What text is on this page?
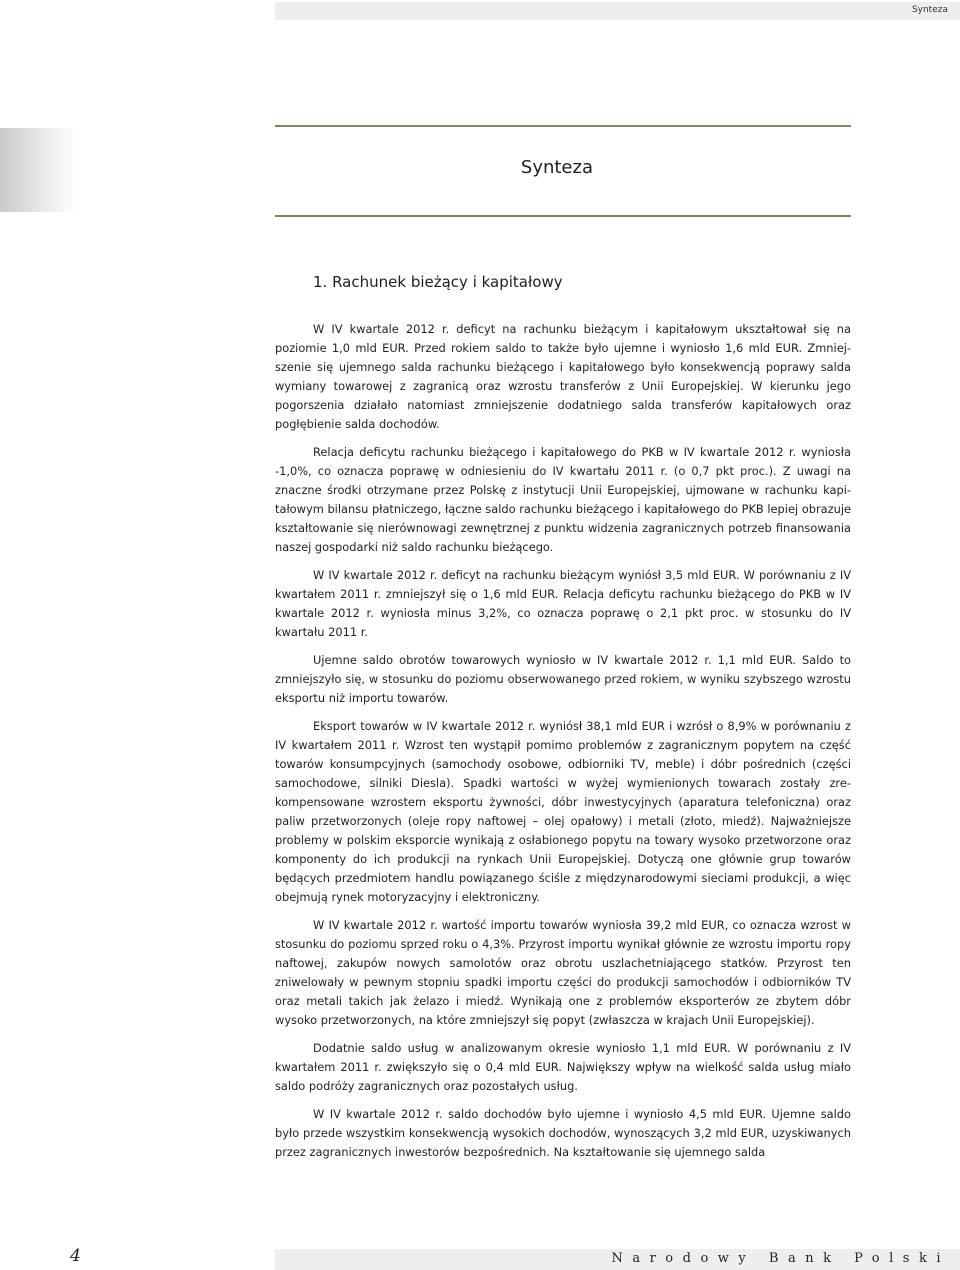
Synteza
Synteza
1. Rachunek bieżący i kapitałowy

W IV kwartale 2012 r. deficyt na rachunku bieżącym i kapitałowym ukształtował się na poziomie 1,0 mld EUR. Przed rokiem saldo to także było ujemne i wyniosło 1,6 mld EUR. Zmniejszenie się ujemnego salda rachunku bieżącego i kapitałowego było konsekwencją poprawy salda wymiany towarowej z zagranicą oraz wzrostu transferów z Unii Europejskiej. W kierunku jego pogorszenia działało natomiast zmniejszenie dodatniego salda transferów kapitałowych oraz pogłębienie salda dochodów.

Relacja deficytu rachunku bieżącego i kapitałowego do PKB w IV kwartale 2012 r. wyniosła -1,0%, co oznacza poprawę w odniesieniu do IV kwartału 2011 r. (o 0,7 pkt proc.). Z uwagi na znaczne środki otrzymane przez Polskę z instytucji Unii Europejskiej, ujmowane w rachunku kapitałowym bilansu płatniczego, łączne saldo rachunku bieżącego i kapitałowego do PKB lepiej obrazuje kształtowanie się nierównowagi zewnętrznej z punktu widzenia zagranicznych potrzeb finansowania naszej gospodarki niż saldo rachunku bieżącego.

W IV kwartale 2012 r. deficyt na rachunku bieżącym wyniósł 3,5 mld EUR. W porównaniu z IV kwartałem 2011 r. zmniejszył się o 1,6 mld EUR. Relacja deficytu rachunku bieżącego do PKB w IV kwartale 2012 r. wyniosła minus 3,2%, co oznacza poprawę o 2,1 pkt proc. w stosunku do IV kwartału 2011 r.

Ujemne saldo obrotów towarowych wyniosło w IV kwartale 2012 r. 1,1 mld EUR. Saldo to zmniejszyło się, w stosunku do poziomu obserwowanego przed rokiem, w wyniku szybszego wzrostu eksportu niż importu towarów.

Eksport towarów w IV kwartale 2012 r. wyniósł 38,1 mld EUR i wzrósł o 8,9% w porównaniu z IV kwartałem 2011 r. Wzrost ten wystąpił pomimo problemów z zagranicznym popytem na część towarów konsumpcyjnych (samochody osobowe, odbiorniki TV, meble) i dóbr pośrednich (części samochodowe, silniki Diesla). Spadki wartości w wyżej wymienionych towarach zostały zrekompensowane wzrostem eksportu żywności, dóbr inwestycyjnych (aparatura telefoniczna) oraz paliw przetworzonych (oleje ropy naftowej – olej opałowy) i metali (złoto, miedź). Najważniejsze problemy w polskim eksporcie wynikają z osłabionego popytu na towary wysoko przetworzone oraz komponenty do ich produkcji na rynkach Unii Europejskiej. Dotyczą one głównie grup towarów będących przedmiotem handlu powiązanego ściśle z międzynarodowymi sieciami produkcji, a więc obejmują rynek motoryzacyjny i elektroniczny.

W IV kwartale 2012 r. wartość importu towarów wyniosła 39,2 mld EUR, co oznacza wzrost w stosunku do poziomu sprzed roku o 4,3%. Przyrost importu wynikał głównie ze wzrostu importu ropy naftowej, zakupów nowych samolotów oraz obrotu uszlachetniającego statków. Przyrost ten zniwelowały w pewnym stopniu spadki importu części do produkcji samochodów i odbiorników TV oraz metali takich jak żelazo i miedź. Wynikają one z problemów eksporterów ze zbytem dóbr wysoko przetworzonych, na które zmniejszył się popyt (zwłaszcza w krajach Unii Europejskiej).

Dodatnie saldo usług w analizowanym okresie wyniosło 1,1 mld EUR. W porównaniu z IV kwartałem 2011 r. zwiększyło się o 0,4 mld EUR. Największy wpływ na wielkość salda usług miało saldo podróży zagranicznych oraz pozostałych usług.

W IV kwartale 2012 r. saldo dochodów było ujemne i wyniosło 4,5 mld EUR. Ujemne saldo było przede wszystkim konsekwencją wysokich dochodów, wynoszących 3,2 mld EUR, uzyskiwanych przez zagranicznych inwestorów bezpośrednich. Na kształtowanie się ujemnego salda

4	Narodowy Bank Polski
